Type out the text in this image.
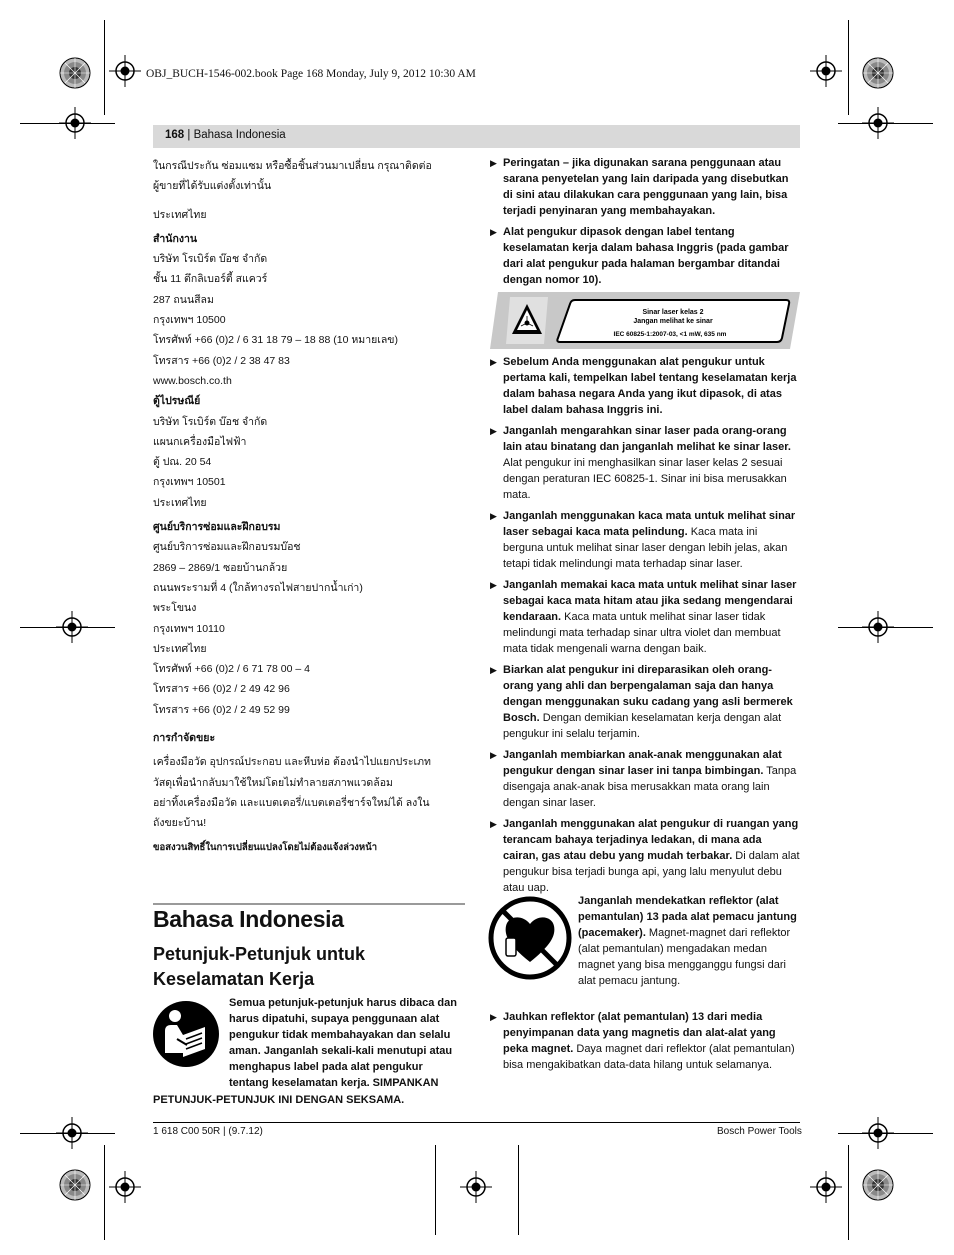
OBJ_BUCH-1546-002.book Page 168 Monday, July 9, 2012 10:30 AM
168 | Bahasa Indonesia

ในกรณีประกัน ซ่อมแซม หรือซื้อชิ้นส่วนมาเปลี่ยน กรุณาติดต่อ

ผู้ขายที่ได้รับแต่งตั้งเท่านั้น

ประเทศไทย

สำนักงาน

บริษัท โรเบิร์ต บ๊อช จำกัด

ชั้น 11 ตึกลิเบอร์ตี้ สแควร์

287 ถนนสีลม

กรุงเทพฯ 10500

โทรศัพท์ +66 (0)2 / 6 31 18 79 – 18 88 (10 หมายเลข)

โทรสาร +66 (0)2 / 2 38 47 83

www.bosch.co.th

ตู้ไปรษณีย์

บริษัท โรเบิร์ต บ๊อช จำกัด

แผนกเครื่องมือไฟฟ้า

ตู้ ปณ. 20 54

กรุงเทพฯ 10501

ประเทศไทย

ศูนย์บริการซ่อมและฝึกอบรม

ศูนย์บริการซ่อมและฝึกอบรมบ๊อช

2869 – 2869/1 ซอยบ้านกล้วย

ถนนพระรามที่ 4 (ใกล้ทางรถไฟสายปากน้ำเก่า)

พระโขนง

กรุงเทพฯ 10110

ประเทศไทย

โทรศัพท์ +66 (0)2 / 6 71 78 00 – 4

โทรสาร +66 (0)2 / 2 49 42 96

โทรสาร +66 (0)2 / 2 49 52 99

การกำจัดขยะ

เครื่องมือวัด อุปกรณ์ประกอบ และหีบห่อ ต้องนำไปแยกประเภท

วัสดุเพื่อนำกลับมาใช้ใหม่โดยไม่ทำลายสภาพแวดล้อม

อย่าทิ้งเครื่องมือวัด และแบตเตอรี่/แบตเตอรี่ชาร์จใหม่ได้ ลงใน

ถังขยะบ้าน!

ขอสงวนสิทธิ์ในการเปลี่ยนแปลงโดยไม่ต้องแจ้งล่วงหน้า

Bahasa Indonesia
Petunjuk-Petunjuk untuk Keselamatan Kerja
Semua petunjuk-petunjuk harus dibaca dan harus dipatuhi, supaya penggunaan alat pengukur tidak membahayakan dan selalu aman. Janganlah sekali-kali menutupi atau menghapus label pada alat pengukur tentang keselamatan kerja. SIMPANKAN PETUNJUK-PETUNJUK INI DENGAN SEKSAMA.
▶ Peringatan – jika digunakan sarana penggunaan atau sarana penyetelan yang lain daripada yang disebutkan di sini atau dilakukan cara penggunaan yang lain, bisa terjadi penyinaran yang membahayakan.
▶ Alat pengukur dipasok dengan label tentang keselamatan kerja dalam bahasa Inggris (pada gambar dari alat pengukur pada halaman bergambar ditandai dengan nomor 10).
Sinar laser kelas 2
Jangan melihat ke sinar
IEC 60825-1:2007-03, <1 mW, 635 nm
▶ Sebelum Anda menggunakan alat pengukur untuk pertama kali, tempelkan label tentang keselamatan kerja dalam bahasa negara Anda yang ikut dipasok, di atas label dalam bahasa Inggris ini.
▶ Janganlah mengarahkan sinar laser pada orang-orang lain atau binatang dan janganlah melihat ke sinar laser. Alat pengukur ini menghasilkan sinar laser kelas 2 sesuai dengan peraturan IEC 60825-1. Sinar ini bisa merusakkan mata.
▶ Janganlah menggunakan kaca mata untuk melihat sinar laser sebagai kaca mata pelindung. Kaca mata ini berguna untuk melihat sinar laser dengan lebih jelas, akan tetapi tidak melindungi mata terhadap sinar laser.
▶ Janganlah memakai kaca mata untuk melihat sinar laser sebagai kaca mata hitam atau jika sedang mengendarai kendaraan. Kaca mata untuk melihat sinar laser tidak melindungi mata terhadap sinar ultra violet dan membuat mata tidak mengenali warna dengan baik.
▶ Biarkan alat pengukur ini direparasikan oleh orang-orang yang ahli dan berpengalaman saja dan hanya dengan menggunakan suku cadang yang asli bermerek Bosch. Dengan demikian keselamatan kerja dengan alat pengukur ini selalu terjamin.
▶ Janganlah membiarkan anak-anak menggunakan alat pengukur dengan sinar laser ini tanpa bimbingan. Tanpa disengaja anak-anak bisa merusakkan mata orang lain dengan sinar laser.
▶ Janganlah menggunakan alat pengukur di ruangan yang terancam bahaya terjadinya ledakan, di mana ada cairan, gas atau debu yang mudah terbakar. Di dalam alat pengukur bisa terjadi bunga api, yang lalu menyulut debu atau uap.
Janganlah mendekatkan reflektor (alat pemantulan) 13 pada alat pemacu jantung (pacemaker). Magnet-magnet dari reflektor (alat pemantulan) mengadakan medan magnet yang bisa mengganggu fungsi dari alat pemacu jantung.
▶ Jauhkan reflektor (alat pemantulan) 13 dari media penyimpanan data yang magnetis dan alat-alat yang peka magnet. Daya magnet dari reflektor (alat pemantulan) bisa mengakibatkan data-data hilang untuk selamanya.
1 618 C00 50R | (9.7.12)	Bosch Power Tools
